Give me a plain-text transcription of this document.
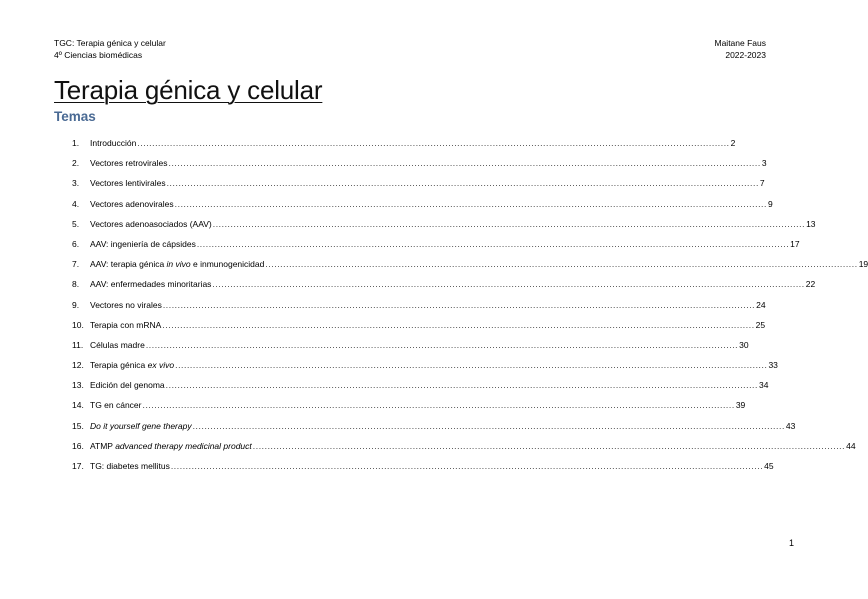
TGC: Terapia génica y celular
4º Ciencias biomédicas
Maitane Faus
2022-2023
Terapia génica y celular
Temas
1.	Introducción ........................................................................................................................................................................................................ 2
2.	Vectores retrovirales ........................................................................................................................................................................................................ 3
3.	Vectores lentivirales ........................................................................................................................................................................................................ 7
4.	Vectores adenovirales ........................................................................................................................................................................................................ 9
5.	Vectores adenoasociados (AAV) ........................................................................................................................................................................................................ 13
6.	AAV: ingeniería de cápsides ........................................................................................................................................................................................................ 17
7.	AAV: terapia génica in vivo e inmunogenicidad ........................................................................................................................................................................................................ 19
8.	AAV: enfermedades minoritarias ........................................................................................................................................................................................................ 22
9.	Vectores no virales ........................................................................................................................................................................................................ 24
10. Terapia con mRNA ........................................................................................................................................................................................................ 25
11. Células madre ........................................................................................................................................................................................................ 30
12. Terapia génica ex vivo ........................................................................................................................................................................................................ 33
13. Edición del genoma ........................................................................................................................................................................................................ 34
14. TG en cáncer ........................................................................................................................................................................................................ 39
15. Do it yourself gene therapy ........................................................................................................................................................................................................ 43
16. ATMP advanced therapy medicinal product ........................................................................................................................................................................................................ 44
17. TG: diabetes mellitus ........................................................................................................................................................................................................ 45
1
